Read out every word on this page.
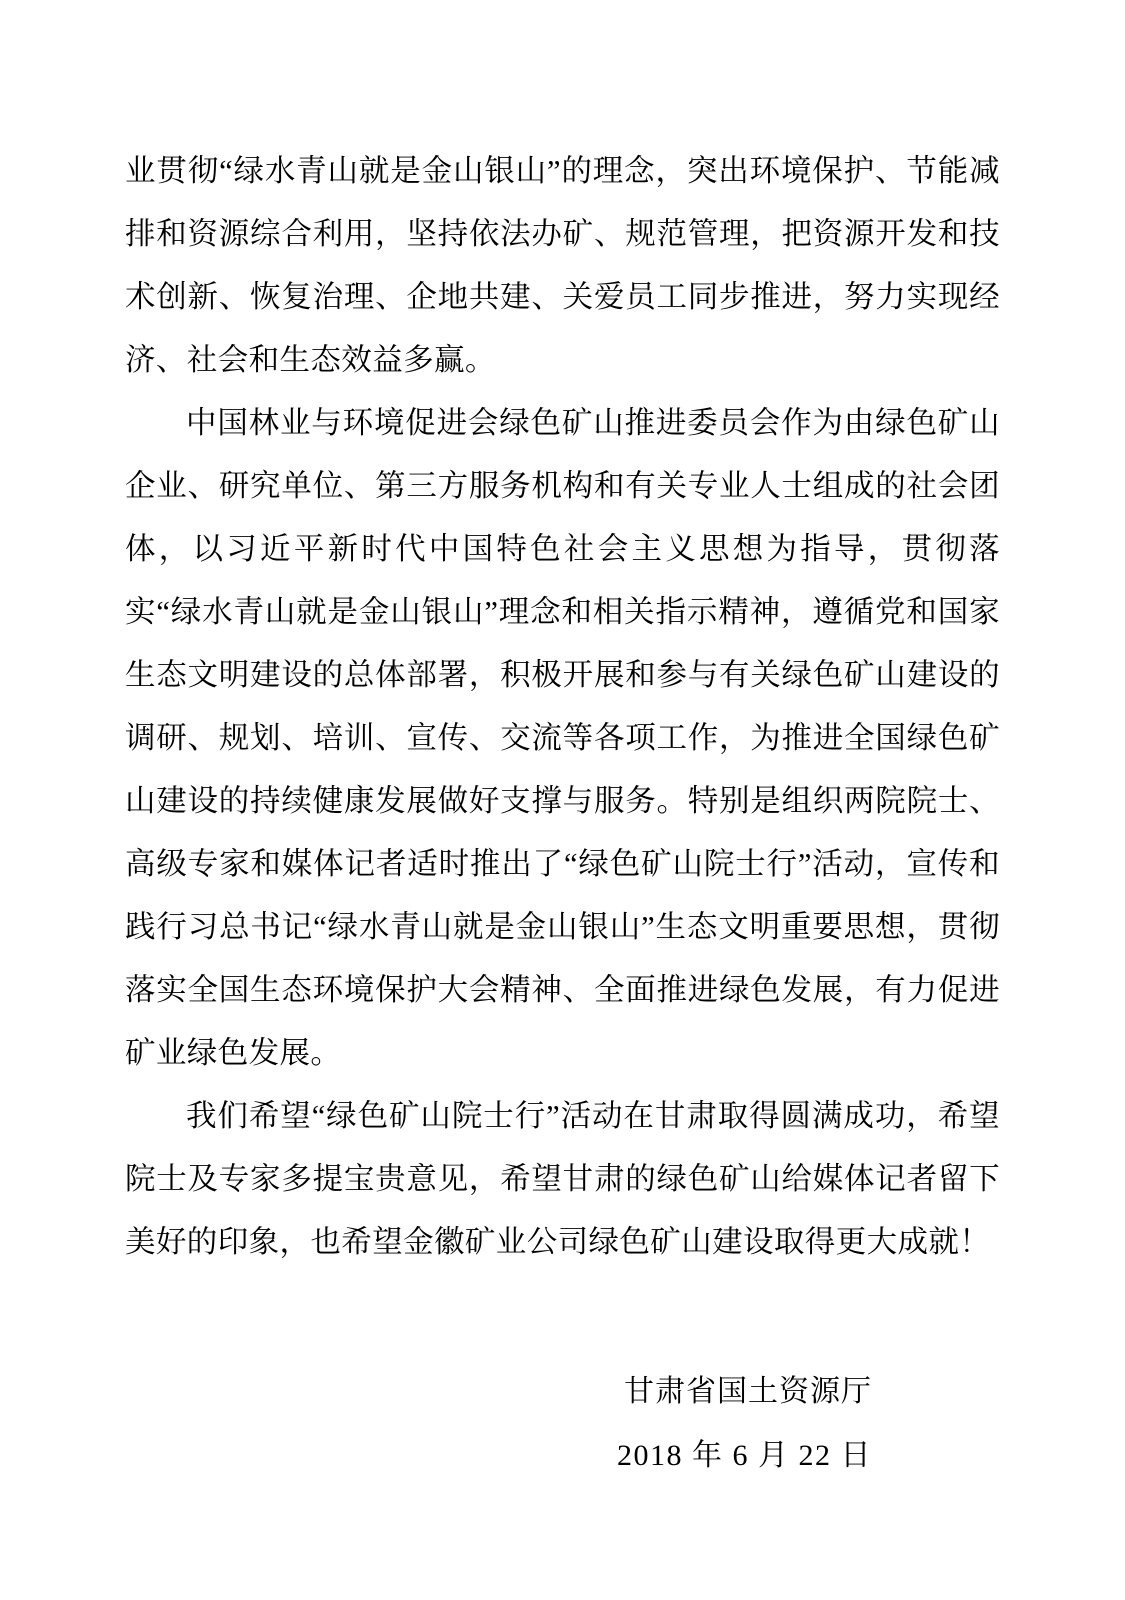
业贯彻“绿水青山就是金山银山”的理念，突出环境保护、节能减排和资源综合利用，坚持依法办矿、规范管理，把资源开发和技术创新、恢复治理、企地共建、关爱员工同步推进，努力实现经济、社会和生态效益多赢。

中国林业与环境促进会绿色矿山推进委员会作为由绿色矿山企业、研究单位、第三方服务机构和有关专业人士组成的社会团体，以习近平新时代中国特色社会主义思想为指导，贯彻落实“绿水青山就是金山银山”理念和相关指示精神，遵循党和国家生态文明建设的总体部署，积极开展和参与有关绿色矿山建设的调研、规划、培训、宣传、交流等各项工作，为推进全国绿色矿山建设的持续健康发展做好支撑与服务。特别是组织两院院士、高级专家和媒体记者适时推出了“绿色矿山院士行”活动，宣传和践行习总书记“绿水青山就是金山银山”生态文明重要思想，贯彻落实全国生态环境保护大会精神、全面推进绿色发展，有力促进矿业绿色发展。

我们希望“绿色矿山院士行”活动在甘肃取得圆满成功，希望院士及专家多提宝贵意见，希望甘肃的绿色矿山给媒体记者留下美好的印象，也希望金徽矿业公司绿色矿山建设取得更大成就！

甘肃省国土资源厅
2018 年 6 月 22 日
